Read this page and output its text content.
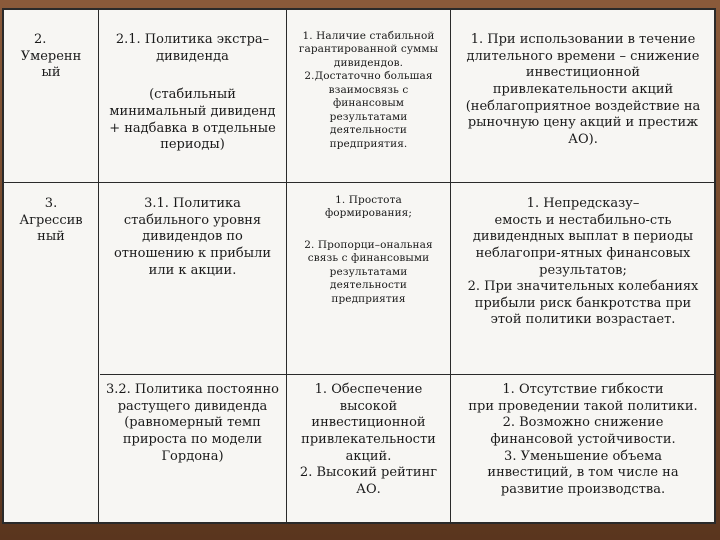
2.

Умеренн

ый

2.1. Политика экстра–

дивиденда

(стабильный

минимальный дивиденд

+ надбавка в отдельные

периоды)

1. Наличие стабильной

гарантированной суммы

дивидендов.

2.Достаточно большая

взаимосвязь с

финансовым

результатами

деятельности

предприятия.

1. При использовании в течение

длительного времени – снижение

инвестиционной

привлекательности акций

(неблагоприятное воздействие на

рыночную цену акций и престиж

АО).

3.

Агрессив

ный

3.1. Политика

стабильного уровня

дивидендов по

отношению к прибыли

или к акции.

1. Простота

формирования;

2. Пропорци–ональная

связь с финансовыми

результатами

деятельности

предприятия

1. Непредсказу–

емость и нестабильно-сть

дивидендных выплат в периоды

неблагопри-ятных финансовых

результатов;

2. При значительных колебаниях

прибыли риск банкротства при

этой политики возрастает.

3.2. Политика постоянно

растущего дивиденда

(равномерный темп

прироста по модели

Гордона)

1. Обеспечение

высокой

инвестиционной

привлекательности

акций.

2. Высокий рейтинг

АО.

1. Отсутствие гибкости

при проведении такой политики.

2. Возможно снижение

финансовой устойчивости.

3. Уменьшение объема

инвестиций, в том числе на

развитие производства.
